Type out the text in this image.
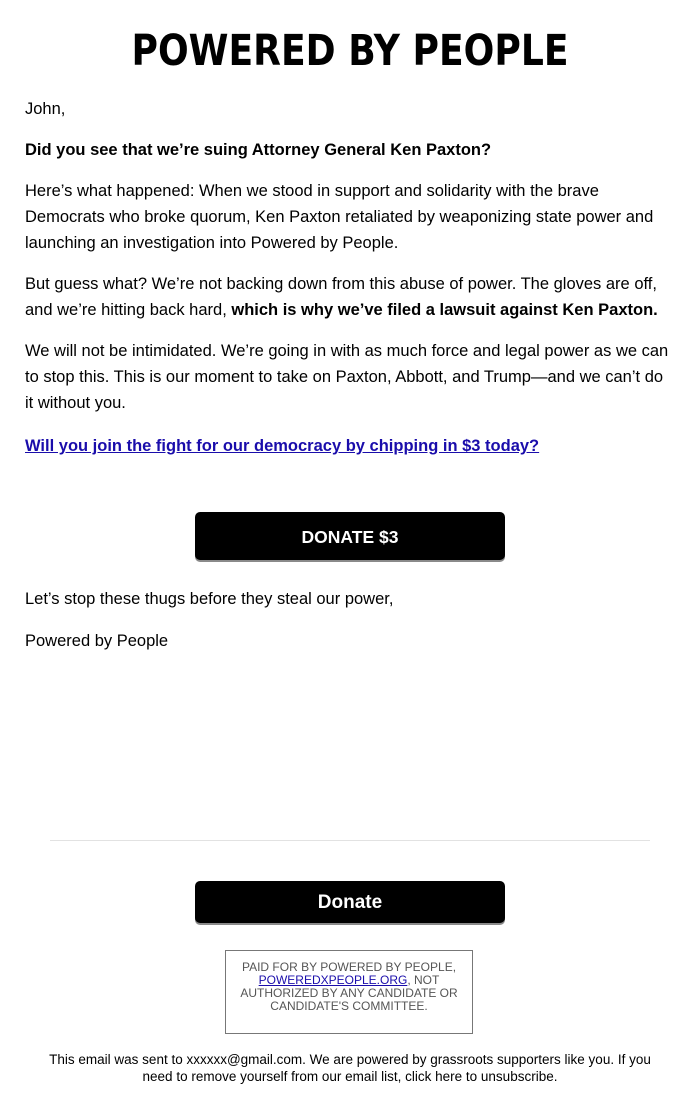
POWERED BY PEOPLE

John,

Did you see that we’re suing Attorney General Ken Paxton?

Here’s what happened: When we stood in support and solidarity with the brave Democrats who broke quorum, Ken Paxton retaliated by weaponizing state power and launching an investigation into Powered by People.

But guess what? We’re not backing down from this abuse of power. The gloves are off, and we’re hitting back hard, which is why we’ve filed a lawsuit against Ken Paxton.

We will not be intimidated. We’re going in with as much force and legal power as we can to stop this. This is our moment to take on Paxton, Abbott, and Trump—and we can’t do it without you.

Will you join the fight for our democracy by chipping in $3 today?

DONATE $3
Let’s stop these thugs before they steal our power,
Powered by People
Donate
PAID FOR BY POWERED BY PEOPLE, POWEREDXPEOPLE.ORG, NOT AUTHORIZED BY ANY CANDIDATE OR CANDIDATE'S COMMITTEE.
This email was sent to xxxxxx@gmail.com. We are powered by grassroots supporters like you. If you need to remove yourself from our email list, click here to unsubscribe.
